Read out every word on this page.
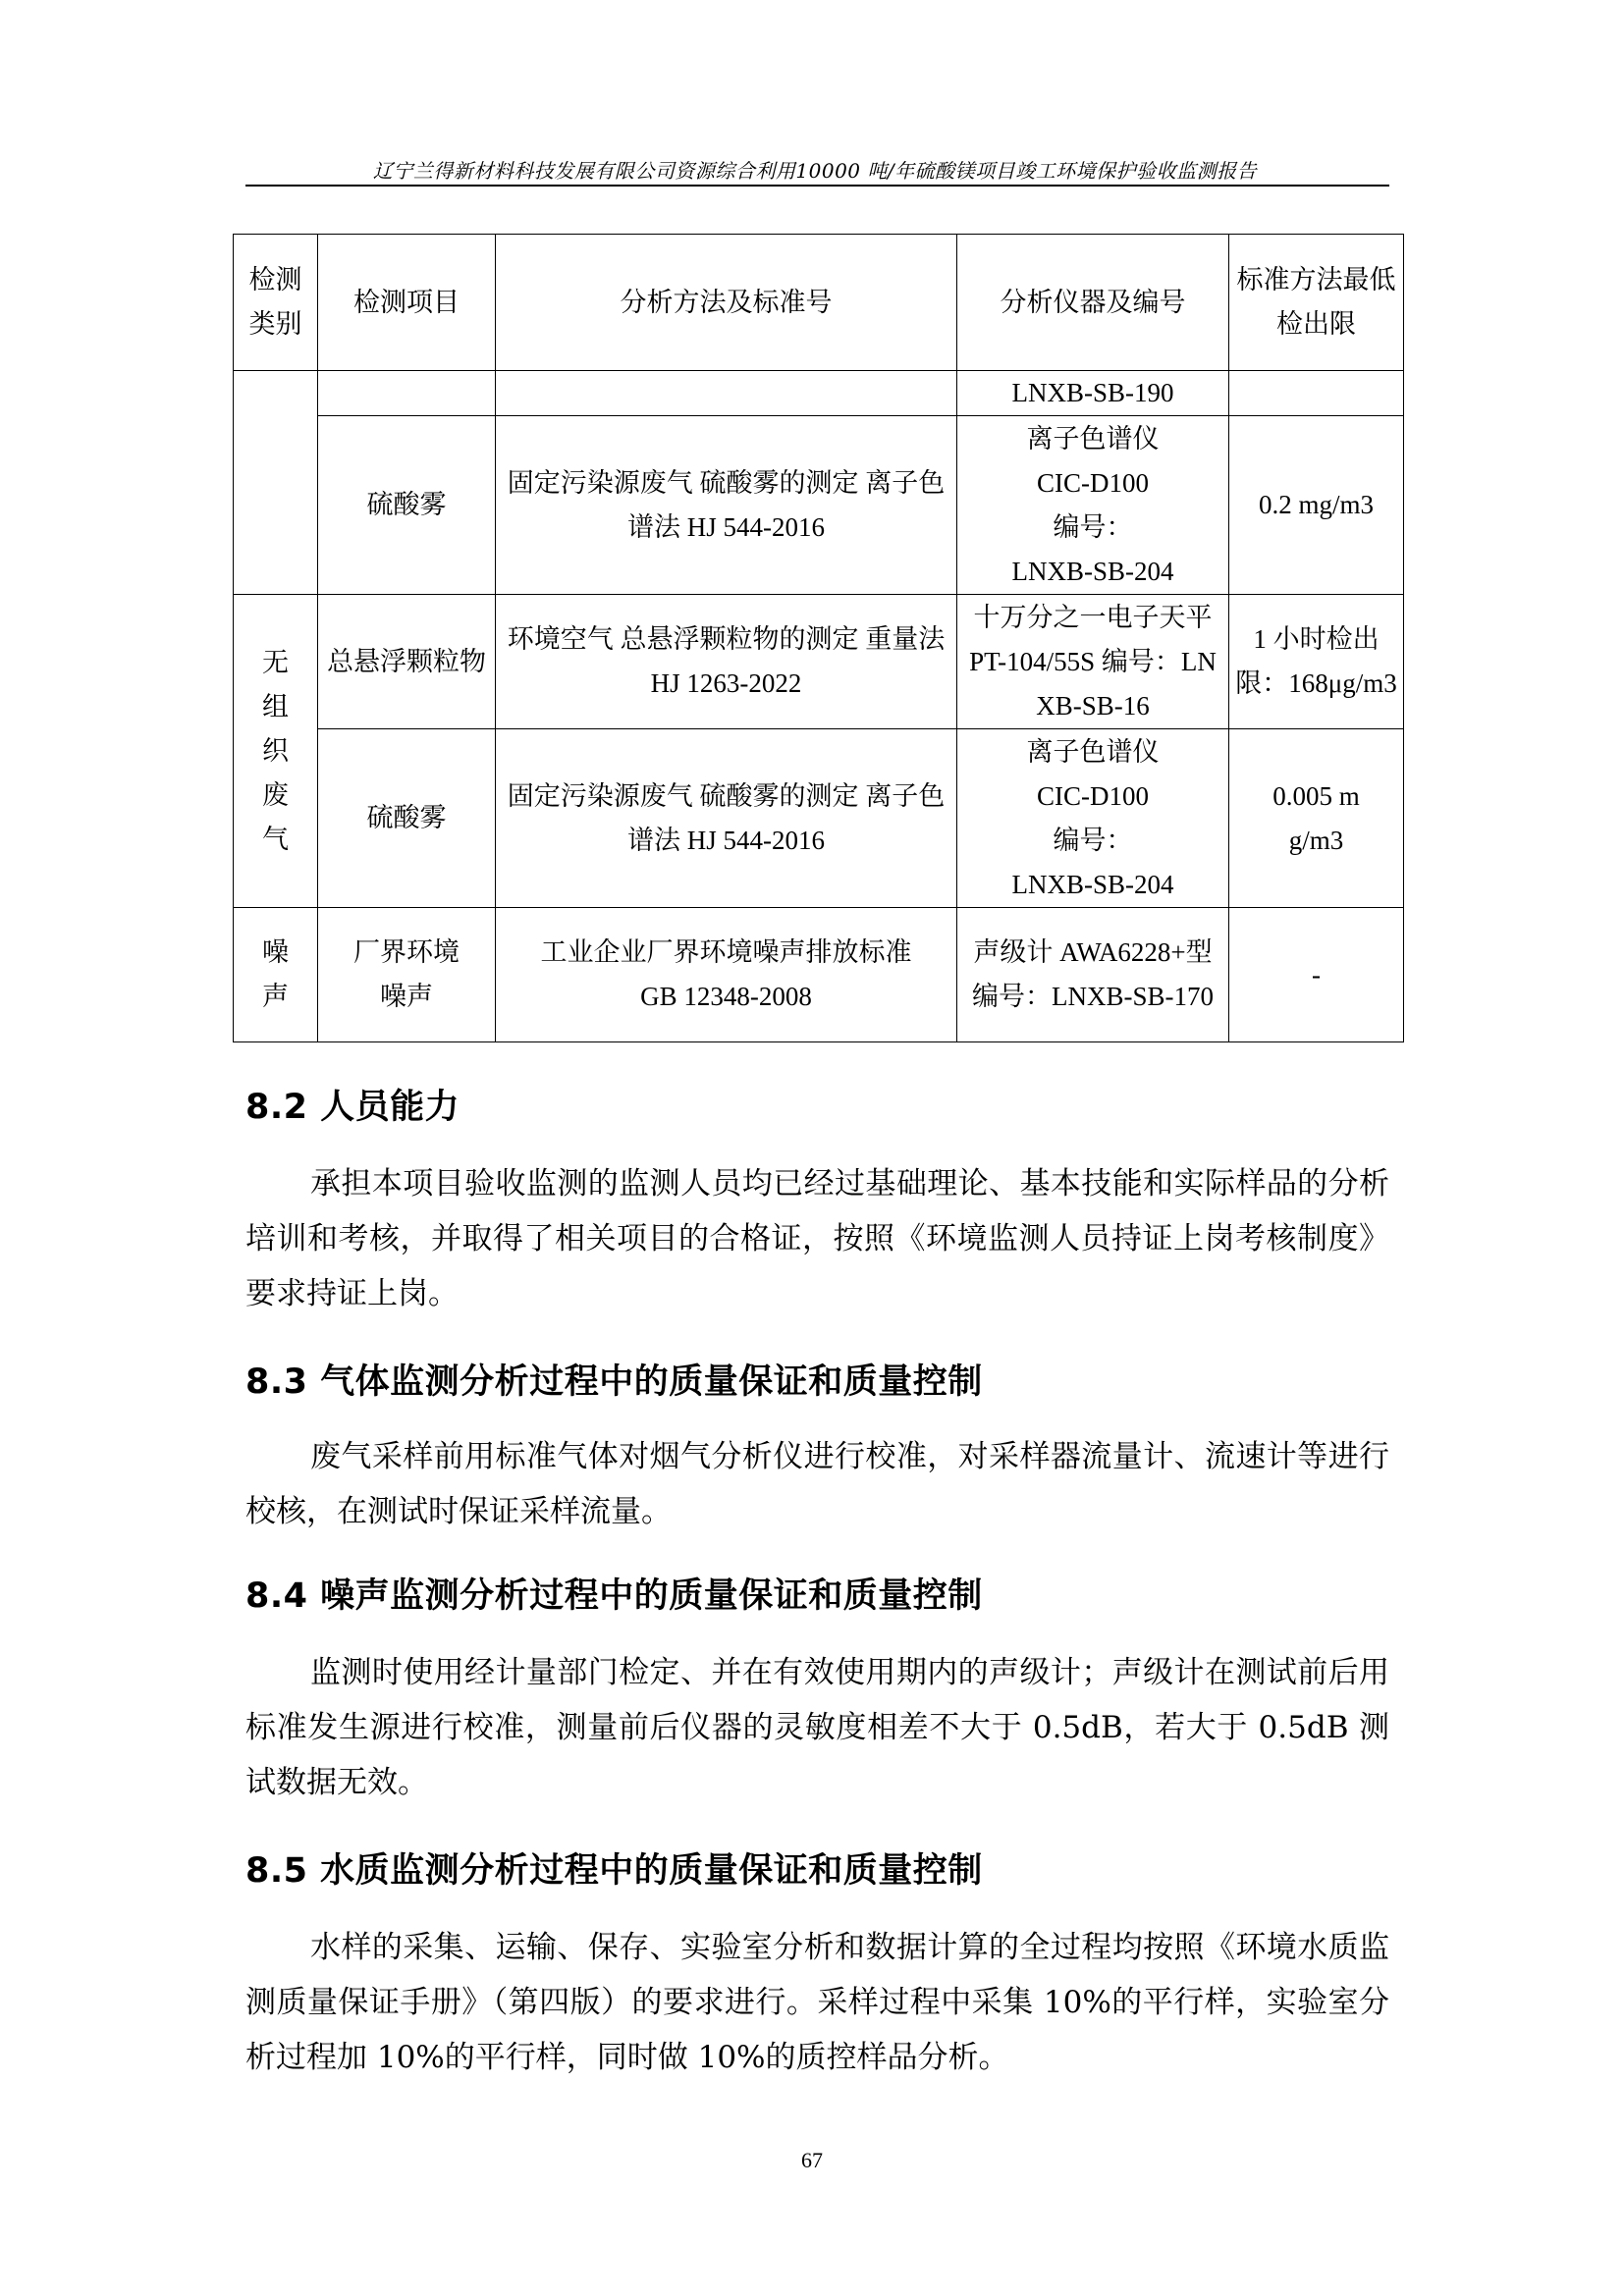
辽宁兰得新材料科技发展有限公司资源综合利用10000 吨/年硫酸镁项目竣工环境保护验收监测报告
检测类别	检测项目	分析方法及标准号	分析仪器及编号	标准方法最低检出限
			LNXB-SB-190	
	硫酸雾	固定污染源废气 硫酸雾的测定 离子色谱法 HJ 544-2016	离子色谱仪
CIC-D100
编号：
LNXB-SB-204	0.2 mg/m3
无组织废气	总悬浮颗粒物	环境空气 总悬浮颗粒物的测定 重量法 HJ 1263-2022	十万分之一电子天平 PT-104/55S 编号：LNXB-SB-16	1 小时检出限：168μg/m3
	硫酸雾	固定污染源废气 硫酸雾的测定 离子色谱法 HJ 544-2016	离子色谱仪
CIC-D100
编号：
LNXB-SB-204	0.005 mg/m3
噪声	厂界环境噪声	工业企业厂界环境噪声排放标准
GB 12348-2008	声级计 AWA6228+型编号：LNXB-SB-170	-
8.2 人员能力

承担本项目验收监测的监测人员均已经过基础理论、基本技能和实际样品的分析培训和考核，并取得了相关项目的合格证，按照《环境监测人员持证上岗考核制度》要求持证上岗。

8.3 气体监测分析过程中的质量保证和质量控制

废气采样前用标准气体对烟气分析仪进行校准，对采样器流量计、流速计等进行校核，在测试时保证采样流量。

8.4 噪声监测分析过程中的质量保证和质量控制

监测时使用经计量部门检定、并在有效使用期内的声级计；声级计在测试前后用标准发生源进行校准，测量前后仪器的灵敏度相差不大于 0.5dB，若大于 0.5dB 测试数据无效。

8.5 水质监测分析过程中的质量保证和质量控制

水样的采集、运输、保存、实验室分析和数据计算的全过程均按照《环境水质监测质量保证手册》（第四版）的要求进行。采样过程中采集 10%的平行样，实验室分析过程加 10%的平行样，同时做 10%的质控样品分析。

67
